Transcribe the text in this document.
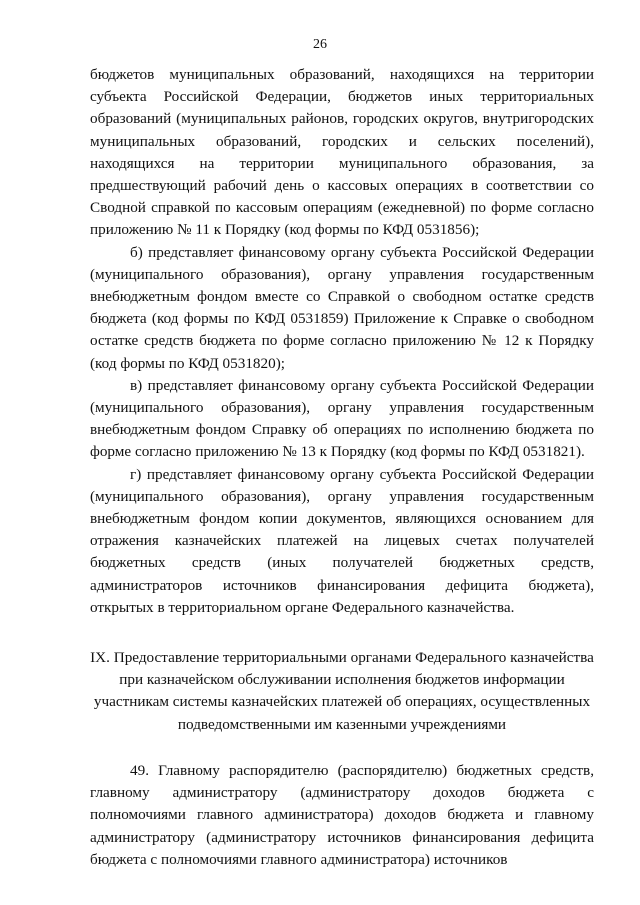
26

бюджетов муниципальных образований, находящихся на территории субъекта Российской Федерации, бюджетов иных территориальных образований (муниципальных районов, городских округов, внутригородских муниципальных образований, городских и сельских поселений), находящихся на территории муниципального образования, за предшествующий рабочий день о кассовых операциях в соответствии со Сводной справкой по кассовым операциям (ежедневной) по форме согласно приложению № 11 к Порядку (код формы по КФД 0531856);

б) представляет финансовому органу субъекта Российской Федерации (муниципального образования), органу управления государственным внебюджетным фондом вместе со Справкой о свободном остатке средств бюджета (код формы по КФД 0531859) Приложение к Справке о свободном остатке средств бюджета по форме согласно приложению № 12 к Порядку (код формы по КФД 0531820);

в) представляет финансовому органу субъекта Российской Федерации (муниципального образования), органу управления государственным внебюджетным фондом Справку об операциях по исполнению бюджета по форме согласно приложению № 13 к Порядку (код формы по КФД 0531821).

г) представляет финансовому органу субъекта Российской Федерации (муниципального образования), органу управления государственным внебюджетным фондом копии документов, являющихся основанием для отражения казначейских платежей на лицевых счетах получателей бюджетных средств (иных получателей бюджетных средств, администраторов источников финансирования дефицита бюджета), открытых в территориальном органе Федерального казначейства.

IX. Предоставление территориальными органами Федерального казначейства
при казначейском обслуживании исполнения бюджетов информации
участникам системы казначейских платежей об операциях, осуществленных
подведомственными им казенными учреждениями

49. Главному распорядителю (распорядителю) бюджетных средств, главному администратору (администратору доходов бюджета с полномочиями главного администратора) доходов бюджета и главному администратору (администратору источников финансирования дефицита бюджета с полномочиями главного администратора) источников
